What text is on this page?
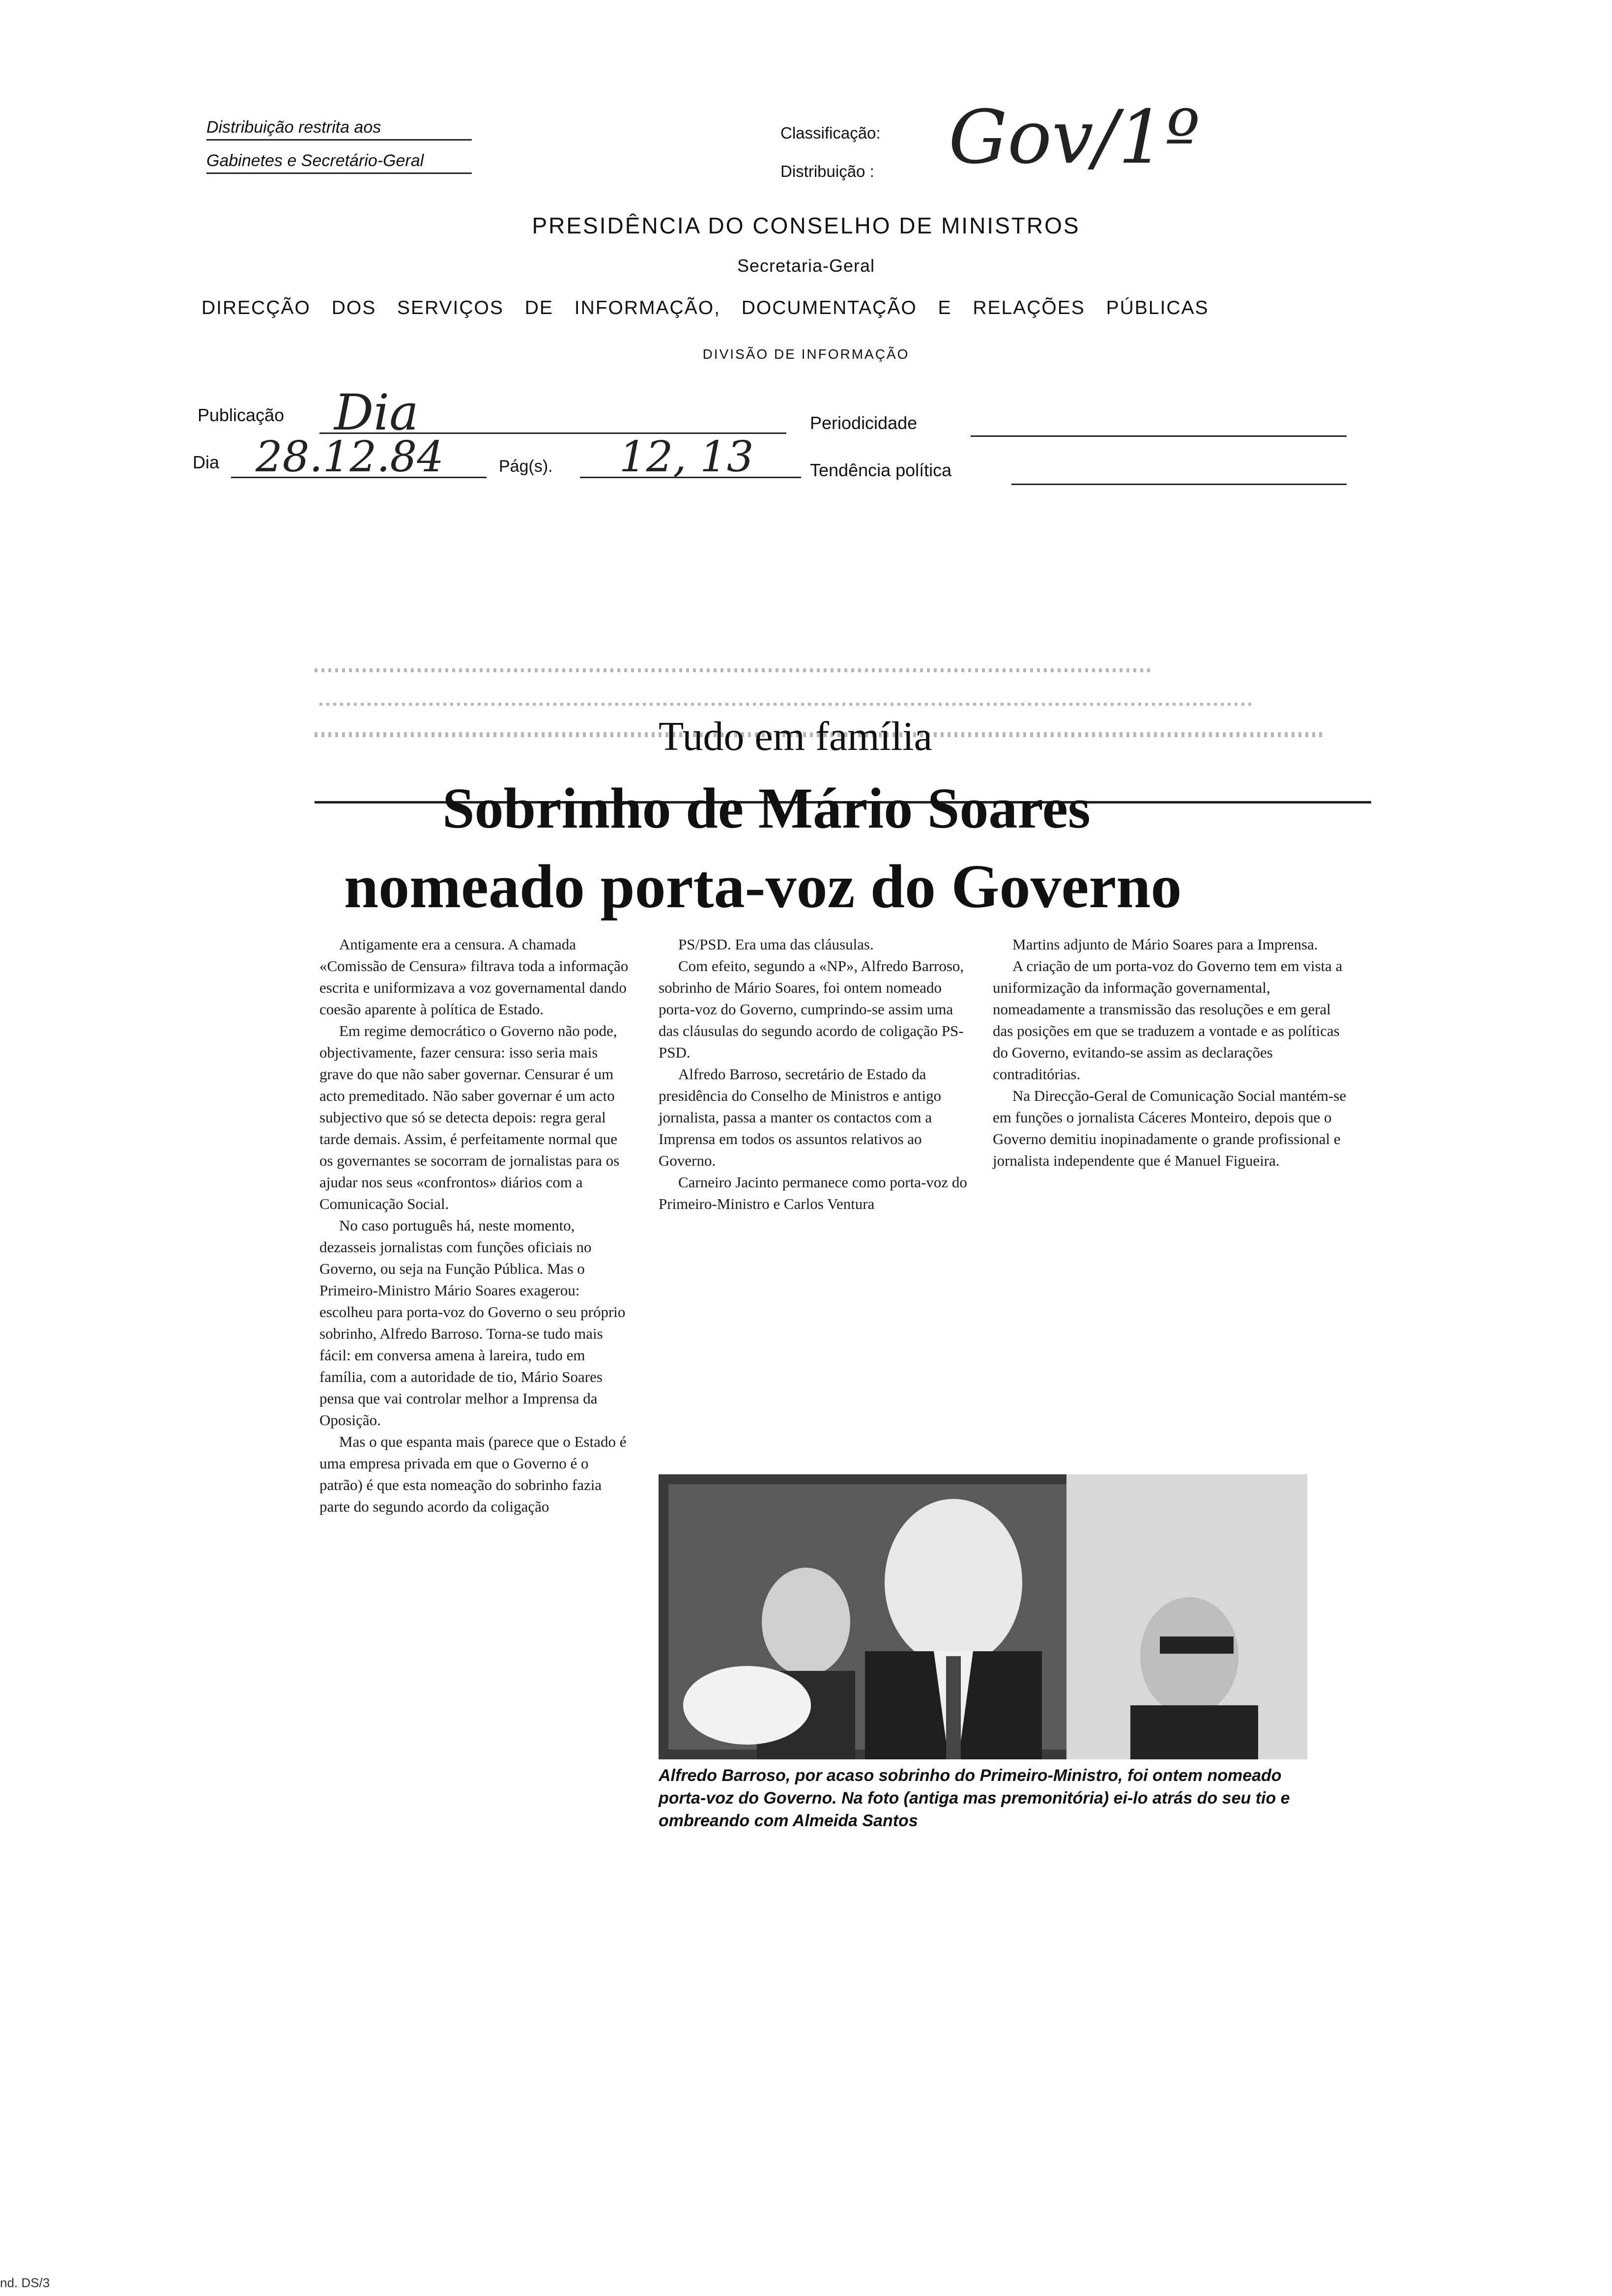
Distribuição restrita aos
Gabinetes e Secretário-Geral
Classificação:
Distribuição : Gov/1º
PRESIDÊNCIA DO CONSELHO DE MINISTROS
Secretaria-Geral
DIRECÇÃO DOS SERVIÇOS DE INFORMAÇÃO, DOCUMENTAÇÃO E RELAÇÕES PÚBLICAS
DIVISÃO DE INFORMAÇÃO
Publicação	Dia	Periodicidade
Dia 28.12.84	Pág(s).	12, 13	Tendência política
Tudo em família
Sobrinho de Mário Soares
nomeado porta-voz do Governo

Antigamente era a censura. A chamada «Comissão de Censura» filtrava toda a informação escrita e uniformizava a voz governamental dando coesão aparente à política de Estado.

Em regime democrático o Governo não pode, objectivamente, fazer censura: isso seria mais grave do que não saber governar. Censurar é um acto premeditado. Não saber governar é um acto subjectivo que só se detecta depois: regra geral tarde demais. Assim, é perfeitamente normal que os governantes se socorram de jornalistas para os ajudar nos seus «confrontos» diários com a Comunicação Social.

No caso português há, neste momento, dezasseis jornalistas com funções oficiais no Governo, ou seja na Função Pública. Mas o Primeiro-Ministro Mário Soares exagerou: escolheu para porta-voz do Governo o seu próprio sobrinho, Alfredo Barroso. Torna-se tudo mais fácil: em conversa amena à lareira, tudo em família, com a autoridade de tio, Mário Soares pensa que vai controlar melhor a Imprensa da Oposição.

Mas o que espanta mais (parece que o Estado é uma empresa privada em que o Governo é o patrão) é que esta nomeação do sobrinho fazia parte do segundo acordo da coligação

PS/PSD. Era uma das cláusulas.

Com efeito, segundo a «NP», Alfredo Barroso, sobrinho de Mário Soares, foi ontem nomeado porta-voz do Governo, cumprindo-se assim uma das cláusulas do segundo acordo de coligação PS-PSD.

Alfredo Barroso, secretário de Estado da presidência do Conselho de Ministros e antigo jornalista, passa a manter os contactos com a Imprensa em todos os assuntos relativos ao Governo.

Carneiro Jacinto permanece como porta-voz do Primeiro-Ministro e Carlos Ventura

Martins adjunto de Mário Soares para a Imprensa.

A criação de um porta-voz do Governo tem em vista a uniformização da informação governamental, nomeadamente a transmissão das resoluções e em geral das posições em que se traduzem a vontade e as políticas do Governo, evitando-se assim as declarações contraditórias.

Na Direcção-Geral de Comunicação Social mantém-se em funções o jornalista Cáceres Monteiro, depois que o Governo demitiu inopinadamente o grande profissional e jornalista independente que é Manuel Figueira.

Alfredo Barroso, por acaso sobrinho do Primeiro-Ministro, foi ontem nomeado porta-voz do Governo. Na foto (antiga mas premonitória) ei-lo atrás do seu tio e ombreando com Almeida Santos
nd. DS/3
